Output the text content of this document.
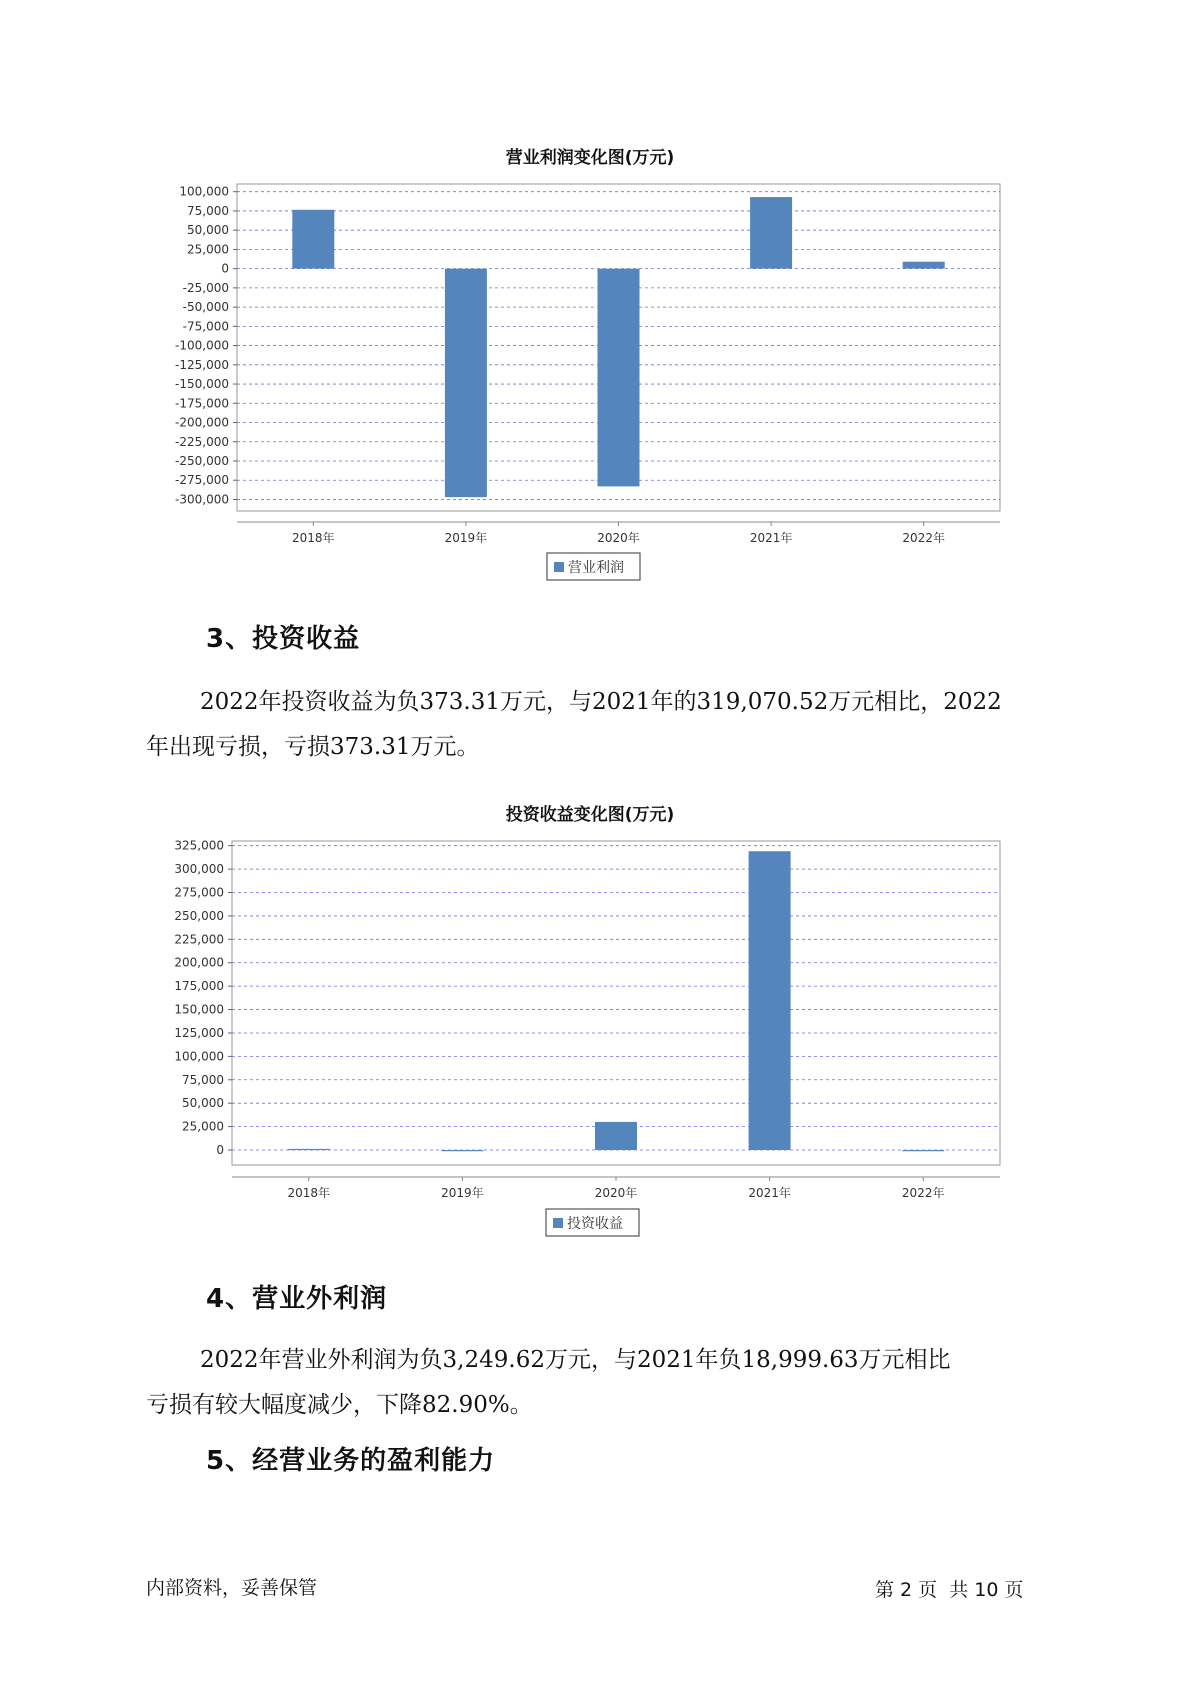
营业利润变化图(万元)
100,000
75,000
50,000
25,000
0
-25,000
-50,000
-75,000
-100,000
-125,000
-150,000
-175,000
-200,000
-225,000
-250,000
-275,000
-300,000
2018年	2019年	2020年	2021年	2022年
营业利润
3、投资收益
2022年投资收益为负373.31万元，与2021年的319,070.52万元相比，2022
年出现亏损，亏损373.31万元。
投资收益变化图(万元)
325,000
300,000
275,000
250,000
225,000
200,000
175,000
150,000
125,000
100,000
75,000
50,000
25,000
0
2018年	2019年	2020年	2021年	2022年
投资收益
4、营业外利润
2022年营业外利润为负3,249.62万元，与2021年负18,999.63万元相比
亏损有较大幅度减少，下降82.90%。
5、经营业务的盈利能力
内部资料，妥善保管	第 2 页  共 10 页
